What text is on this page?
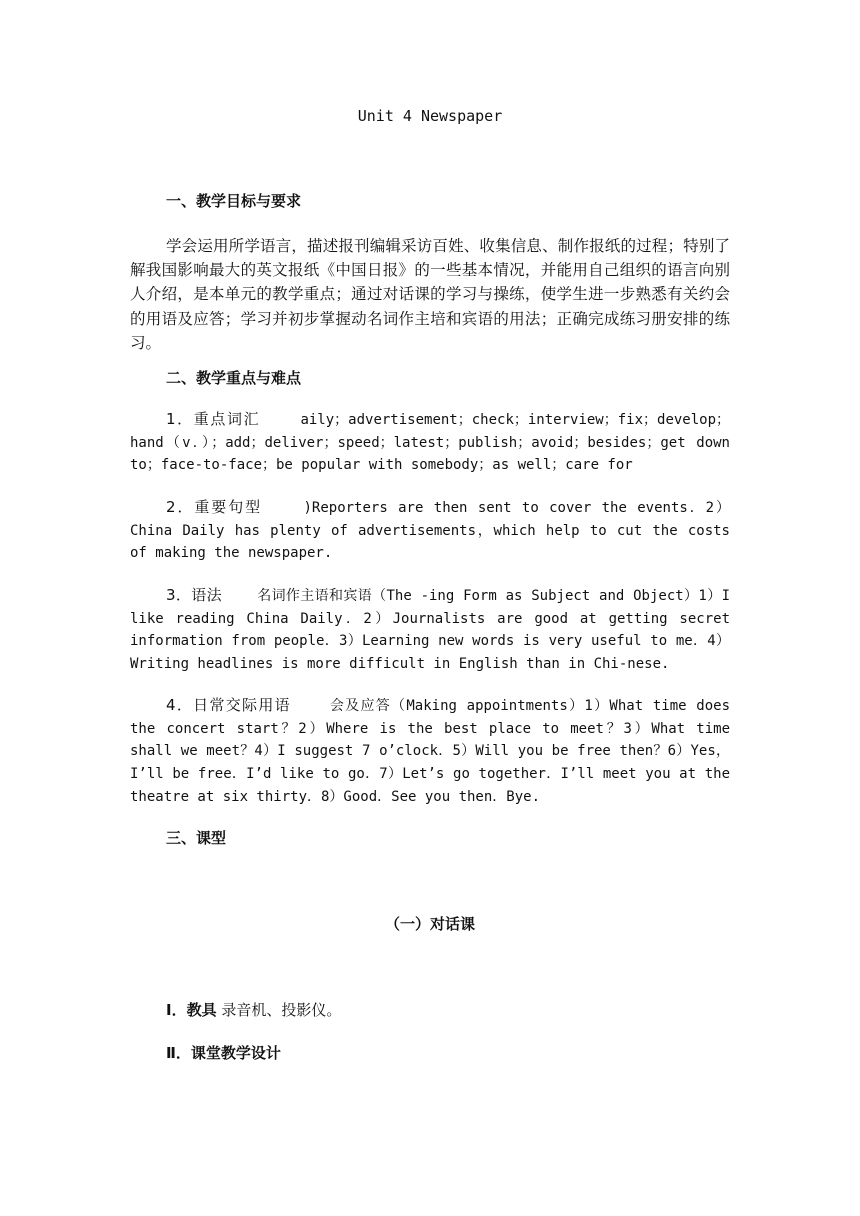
Unit 4 Newspaper
一、教学目标与要求
学会运用所学语言，描述报刊编辑采访百姓、收集信息、制作报纸的过程；特别了解我国影响最大的英文报纸《中国日报》的一些基本情况，并能用自己组织的语言向别人介绍，是本单元的教学重点；通过对话课的学习与操练，使学生进一步熟悉有关约会的用语及应答；学习并初步掌握动名词作主培和宾语的用法；正确完成练习册安排的练习。
二、教学重点与难点
1．重点词汇	aily；advertisement；check；interview；fix；develop；hand（v．）；add；deliver；speed；latest；publish；avoid；besides；get down to；face-to-face；be popular with somebody；as well；care for
2．重要句型	)Reporters are then sent to cover the events．2）China Daily has plenty of advertisements，which help to cut the costs of making the newspaper.
3．语法	名词作主语和宾语（The -ing Form as Subject and Object）1）I like reading China Daily．2）Journalists are good at getting secret information from people．3）Learning new words is very useful to me．4）Writing headlines is more difficult in English than in Chi-nese.
4．日常交际用语	会及应答（Making appointments）1）What time does the concert start？2）Where is the best place to meet？3）What time shall we meet？4）I suggest 7 o’clock．5）Will you be free then？6）Yes，I’ll be free．I’d like to go．7）Let’s go together．I’ll meet you at the theatre at six thirty．8）Good．See you then．Bye.
三、课型
（一）对话课
Ⅰ．教具 录音机、投影仪。
Ⅱ．课堂教学设计
